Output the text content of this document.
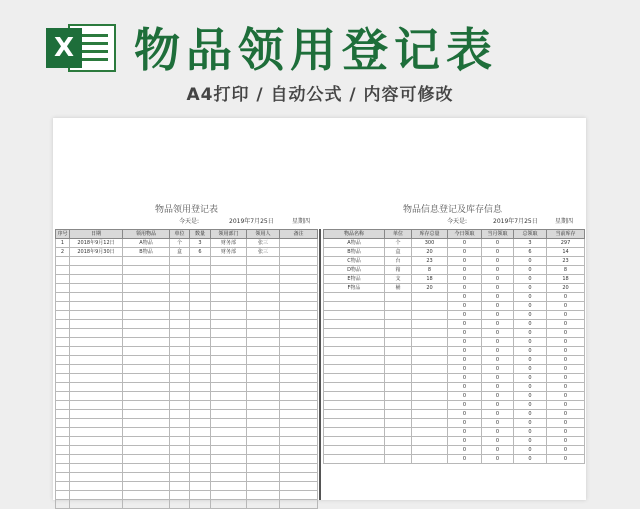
X 物品领用登记表
A4打印 / 自动公式 / 内容可修改
物品领用登记表
今天是:	2019年7月25日	星期四
物品信息登记及库存信息
今天是:	2019年7月25日	星期四
序号	日期	领用物品	单位	数量	领用部门	领用人	备注
1	2018年9月12日	A物品	个	3	财务部	张三	
2	2018年9月30日	B物品	盒	6	财务部	张三	

物品名称	单位	库存总量	今日领取	当月领取	总领取	当前库存
A物品	个	300	0	0	3	297
B物品	盒	20	0	0	6	14
C物品	台	23	0	0	0	23
D物品	箱	8	0	0	0	8
E物品	支	18	0	0	0	18
F物品	桶	20	0	0	0	20
			0	0	0	0
			0	0	0	0
			0	0	0	0
			0	0	0	0
			0	0	0	0
			0	0	0	0
			0	0	0	0
			0	0	0	0
			0	0	0	0
			0	0	0	0
			0	0	0	0
			0	0	0	0
			0	0	0	0
			0	0	0	0
			0	0	0	0
			0	0	0	0
			0	0	0	0
			0	0	0	0
			0	0	0	0
